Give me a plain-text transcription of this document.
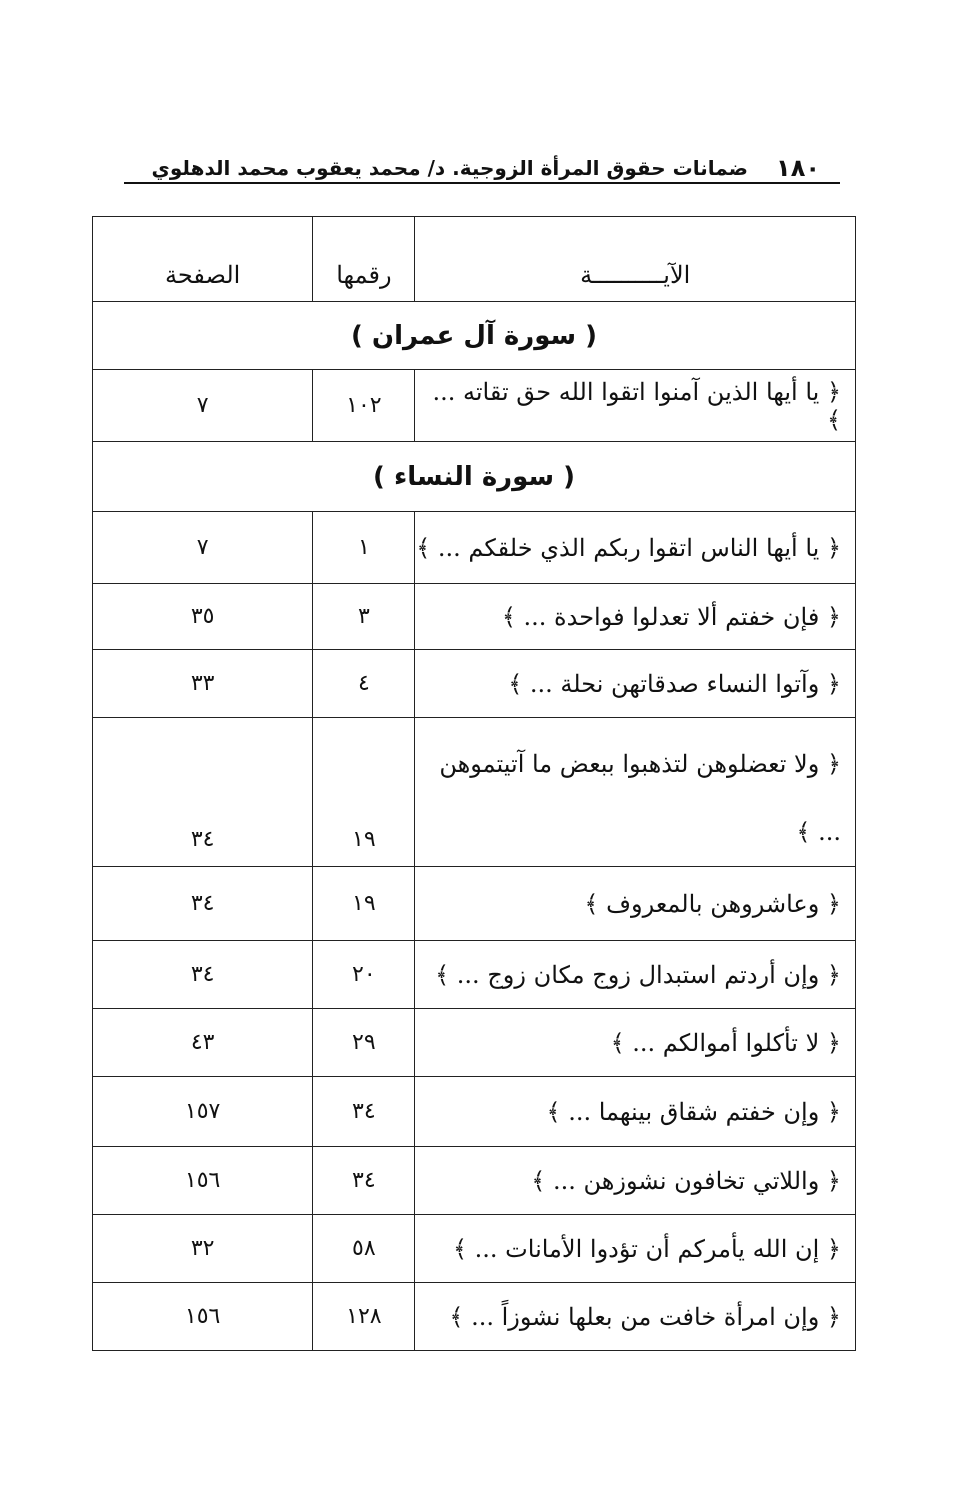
١٨٠
ضمانات حقوق المرأة الزوجية. د/ محمد يعقوب محمد الدهلوي
الآيــــــــــة	رقمها	الصفحة
( سورة آل عمران )		
﴿ يا أيها الذين آمنوا اتقوا الله حق تقاته ... ﴾	١٠٢	٧
( سورة النساء )		
﴿ يا أيها الناس اتقوا ربكم الذي خلقكم ... ﴾	١	٧
﴿ فإن خفتم ألا تعدلوا فواحدة ... ﴾	٣	٣٥
﴿ وآتوا النساء صدقاتهن نحلة ... ﴾	٤	٣٣
﴿ ولا تعضلوهن لتذهبوا ببعض ما آتيتموهن ... ﴾	١٩	٣٤
﴿ وعاشروهن بالمعروف ﴾	١٩	٣٤
﴿ وإن أردتم استبدال زوج مكان زوج ... ﴾	٢٠	٣٤
﴿ لا تأكلوا أموالكم ... ﴾	٢٩	٤٣
﴿ وإن خفتم شقاق بينهما ... ﴾	٣٤	١٥٧
﴿ واللاتي تخافون نشوزهن ... ﴾	٣٤	١٥٦
﴿ إن الله يأمركم أن تؤدوا الأمانات ... ﴾	٥٨	٣٢
﴿ وإن امرأة خافت من بعلها نشوزاً ... ﴾	١٢٨	١٥٦
